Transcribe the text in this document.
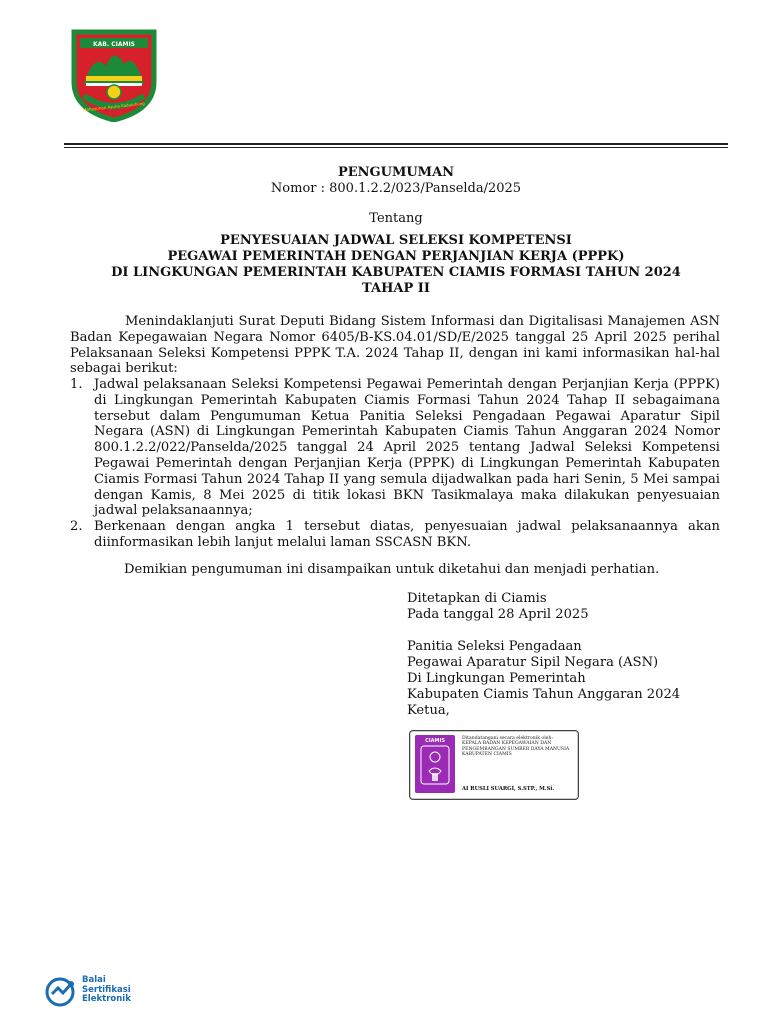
KAB. CIAMIS
Mahayunan Ayuna Kadaluhung
PENGUMUMAN
Nomor : 800.1.2.2/023/Panselda/2025
Tentang
PENYESUAIAN JADWAL SELEKSI KOMPETENSI
PEGAWAI PEMERINTAH DENGAN PERJANJIAN KERJA (PPPK)
DI LINGKUNGAN PEMERINTAH KABUPATEN CIAMIS FORMASI TAHUN 2024
TAHAP II
Menindaklanjuti Surat Deputi Bidang Sistem Informasi dan Digitalisasi Manajemen ASN Badan Kepegawaian Negara Nomor 6405/B-KS.04.01/SD/E/2025 tanggal 25 April 2025 perihal Pelaksanaan Seleksi Kompetensi PPPK T.A. 2024 Tahap II, dengan ini kami informasikan hal-hal sebagai berikut:
1. Jadwal pelaksanaan Seleksi Kompetensi Pegawai Pemerintah dengan Perjanjian Kerja (PPPK) di Lingkungan Pemerintah Kabupaten Ciamis Formasi Tahun 2024 Tahap II sebagaimana tersebut dalam Pengumuman Ketua Panitia Seleksi Pengadaan Pegawai Aparatur Sipil Negara (ASN) di Lingkungan Pemerintah Kabupaten Ciamis Tahun Anggaran 2024 Nomor 800.1.2.2/022/Panselda/2025 tanggal 24 April 2025 tentang Jadwal Seleksi Kompetensi Pegawai Pemerintah dengan Perjanjian Kerja (PPPK) di Lingkungan Pemerintah Kabupaten Ciamis Formasi Tahun 2024 Tahap II yang semula dijadwalkan pada hari Senin, 5 Mei sampai dengan Kamis, 8 Mei 2025 di titik lokasi BKN Tasikmalaya maka dilakukan penyesuaian jadwal pelaksanaannya;
2. Berkenaan dengan angka 1 tersebut diatas, penyesuaian jadwal pelaksanaannya akan diinformasikan lebih lanjut melalui laman SSCASN BKN.
Demikian pengumuman ini disampaikan untuk diketahui dan menjadi perhatian.
Ditetapkan di Ciamis
Pada tanggal 28 April 2025
Panitia Seleksi Pengadaan
Pegawai Aparatur Sipil Negara (ASN)
Di Lingkungan Pemerintah
Kabupaten Ciamis Tahun Anggaran 2024
Ketua,
CIAMIS	Ditandatangani secara elektronik oleh:
KEPALA BADAN KEPEGAWAIAN DAN
PENGEMBANGAN SUMBER DAYA MANUSIA
KABUPATEN CIAMIS
AI RUSLI SUARGI, S.STP., M.Si.
Balai
Sertifikasi
Elektronik
